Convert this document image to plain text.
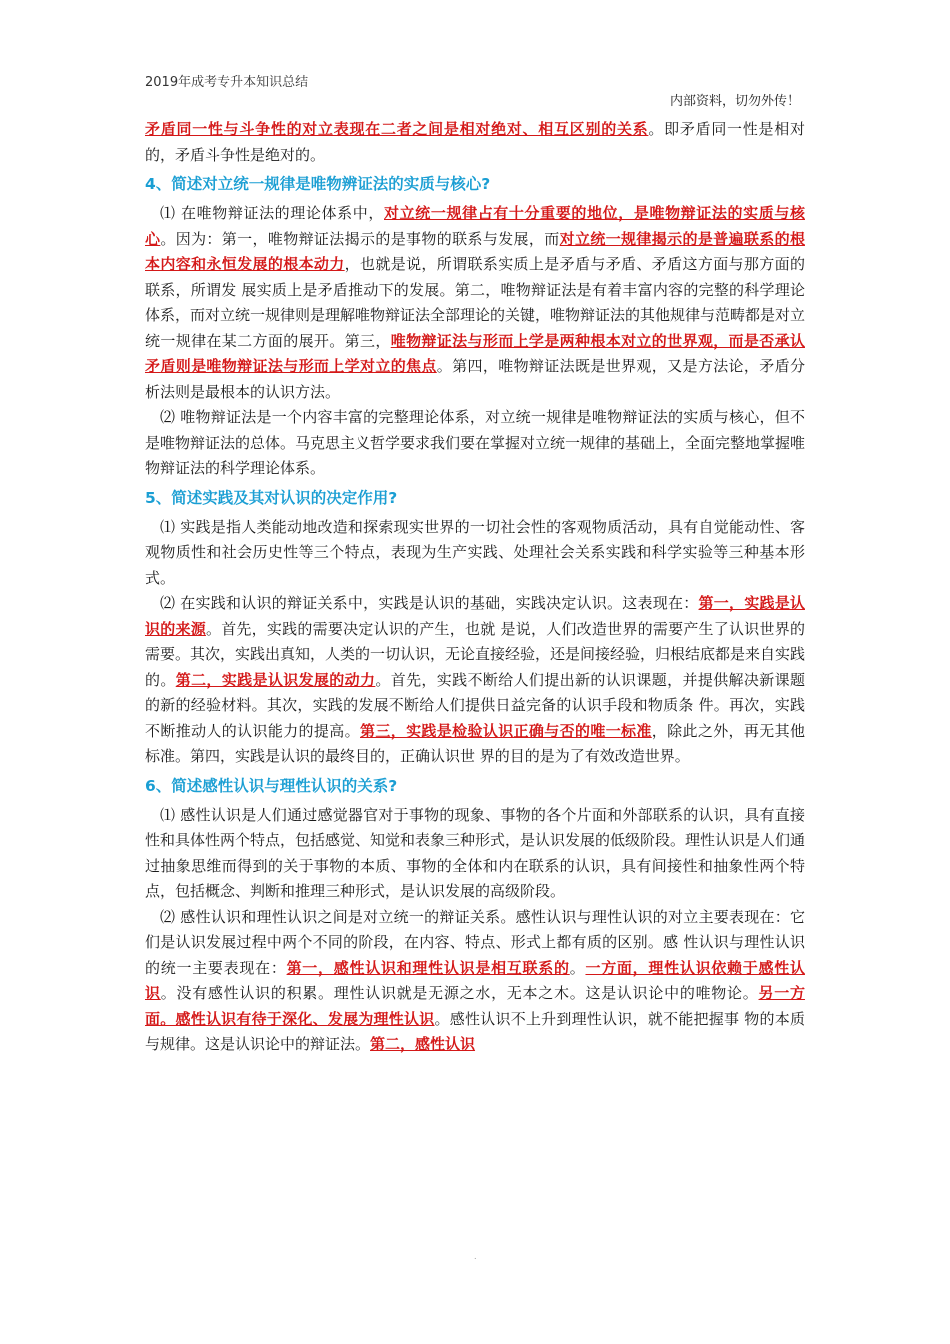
2019年成考专升本知识总结
内部资料，切勿外传！

矛盾同一性与斗争性的对立表现在二者之间是相对绝对、相互区别的关系。即矛盾同一性是相对的，矛盾斗争性是绝对的。

4、简述对立统一规律是唯物辨证法的实质与核心?

⑴ 在唯物辩证法的理论体系中，对立统一规律占有十分重要的地位，是唯物辩证法的实质与核心。因为：第一，唯物辩证法揭示的是事物的联系与发展，而对立统一规律揭示的是普遍联系的根本内容和永恒发展的根本动力，也就是说，所谓联系实质上是矛盾与矛盾、矛盾这方面与那方面的联系，所谓发 展实质上是矛盾推动下的发展。第二，唯物辩证法是有着丰富内容的完整的科学理论体系，而对立统一规律则是理解唯物辩证法全部理论的关键，唯物辩证法的其他规律与范畴都是对立统一规律在某二方面的展开。第三，唯物辩证法与形而上学是两种根本对立的世界观，而是否承认矛盾则是唯物辩证法与形而上学对立的焦点。第四，唯物辩证法既是世界观，又是方法论，矛盾分析法则是最根本的认识方法。

⑵ 唯物辩证法是一个内容丰富的完整理论体系，对立统一规律是唯物辩证法的实质与核心，但不是唯物辩证法的总体。马克思主义哲学要求我们要在掌握对立统一规律的基础上，全面完整地掌握唯物辩证法的科学理论体系。

5、简述实践及其对认识的决定作用?

⑴ 实践是指人类能动地改造和探索现实世界的一切社会性的客观物质活动，具有自觉能动性、客观物质性和社会历史性等三个特点，表现为生产实践、处理社会关系实践和科学实验等三种基本形式。

⑵ 在实践和认识的辩证关系中，实践是认识的基础，实践决定认识。这表现在：第一，实践是认识的来源。首先，实践的需要决定认识的产生，也就 是说，人们改造世界的需要产生了认识世界的需要。其次，实践出真知，人类的一切认识，无论直接经验，还是间接经验，归根结底都是来自实践的。第二，实践是认识发展的动力。首先，实践不断给人们提出新的认识课题，并提供解决新课题的新的经验材料。其次，实践的发展不断给人们提供日益完备的认识手段和物质条 件。再次，实践不断推动人的认识能力的提高。第三，实践是检验认识正确与否的唯一标准，除此之外，再无其他标准。第四，实践是认识的最终目的，正确认识世 界的目的是为了有效改造世界。

6、简述感性认识与理性认识的关系?

⑴ 感性认识是人们通过感觉器官对于事物的现象、事物的各个片面和外部联系的认识，具有直接性和具体性两个特点，包括感觉、知觉和表象三种形式，是认识发展的低级阶段。理性认识是人们通过抽象思维而得到的关于事物的本质、事物的全体和内在联系的认识，具有间接性和抽象性两个特点，包括概念、判断和推理三种形式，是认识发展的高级阶段。

⑵ 感性认识和理性认识之间是对立统一的辩证关系。感性认识与理性认识的对立主要表现在：它们是认识发展过程中两个不同的阶段，在内容、特点、形式上都有质的区别。感 性认识与理性认识的统一主要表现在：第一，感性认识和理性认识是相互联系的。一方面，理性认识依赖于感性认识。没有感性认识的积累。理性认识就是无源之水，无本之木。这是认识论中的唯物论。另一方面。感性认识有待于深化、发展为理性认识。感性认识不上升到理性认识，就不能把握事 物的本质与规律。这是认识论中的辩证法。第二，感性认识

.
